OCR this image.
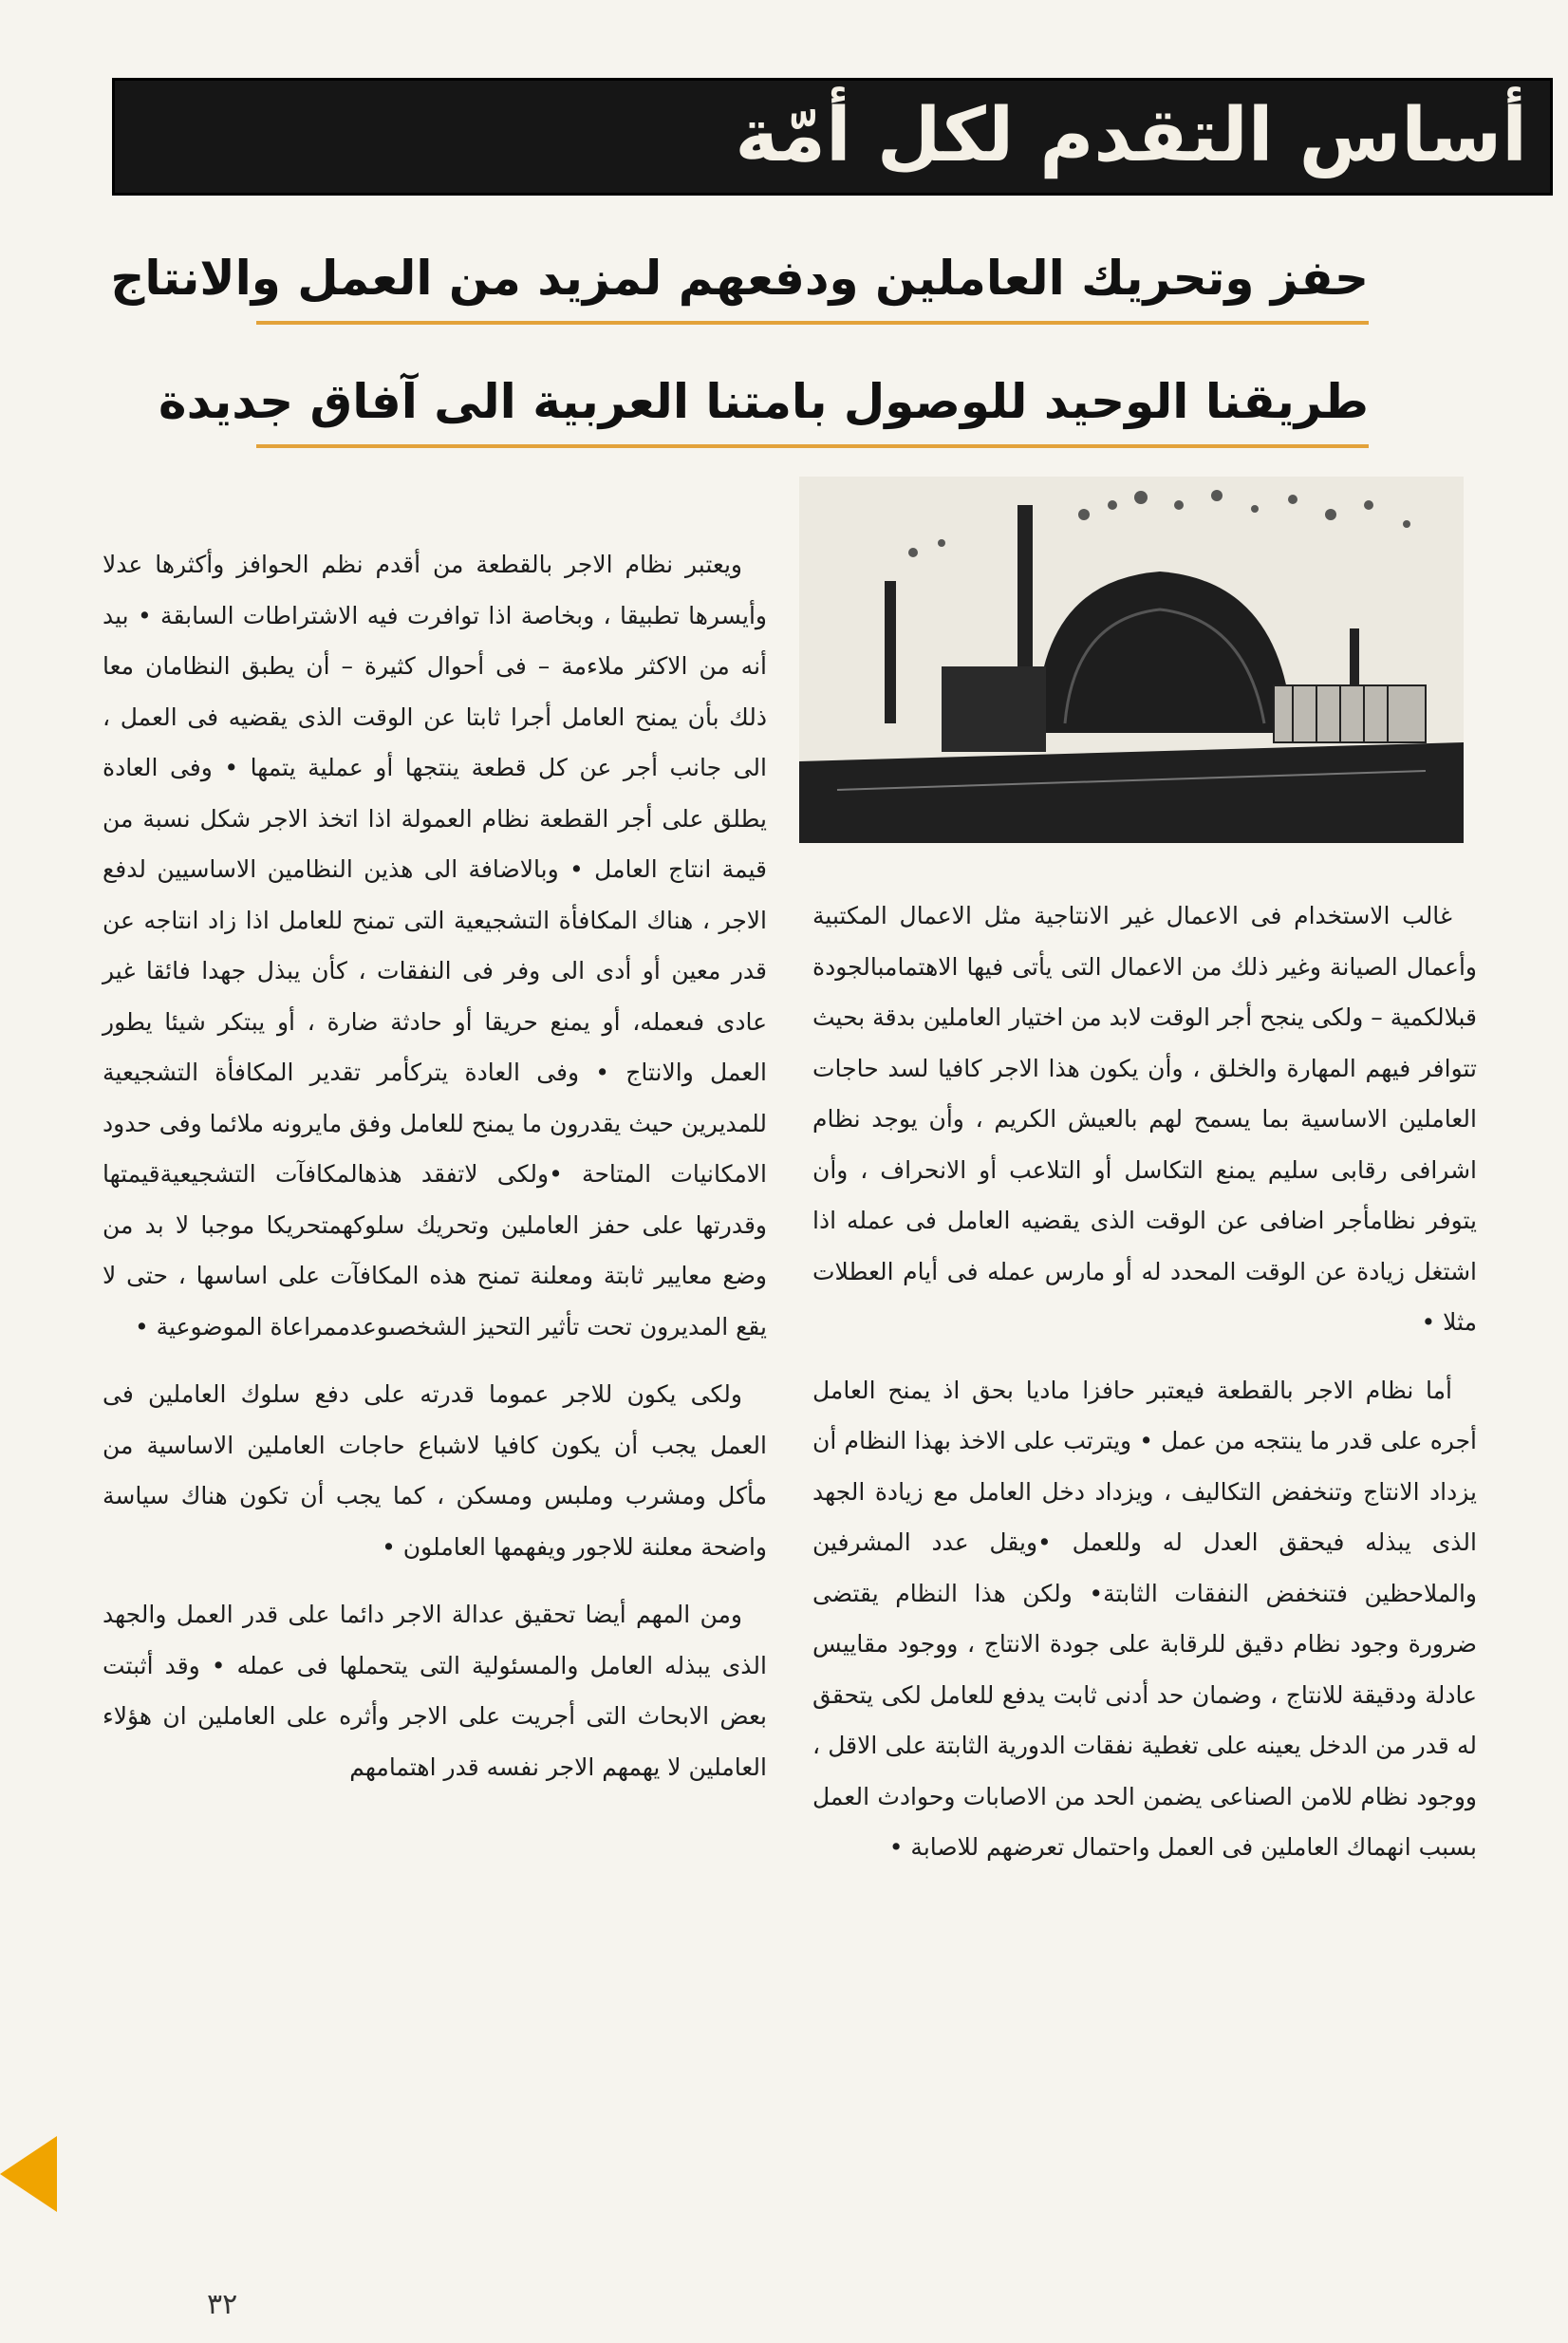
أساس التقدم لكل أمّة
حفز وتحريك العاملين ودفعهم لمزيد من العمل والانتاج
طريقنا الوحيد للوصول بامتنا العربية الى آفاق جديدة

ويعتبر نظام الاجر بالقطعة من أقدم نظم الحوافز وأكثرها عدلا وأيسرها تطبيقا ، وبخاصة اذا توافرت فيه الاشتراطات السابقة • بيد أنه من الاكثر ملاءمة – فى أحوال كثيرة – أن يطبق النظامان معا ذلك بأن يمنح العامل أجرا ثابتا عن الوقت الذى يقضيه فى العمل ، الى جانب أجر عن كل قطعة ينتجها أو عملية يتمها • وفى العادة يطلق على أجر القطعة نظام العمولة اذا اتخذ الاجر شكل نسبة من قيمة انتاج العامل • وبالاضافة الى هذين النظامين الاساسيين لدفع الاجر ، هناك المكافأة التشجيعية التى تمنح للعامل اذا زاد انتاجه عن قدر معين أو أدى الى وفر فى النفقات ، كأن يبذل جهدا فائقا غير عادى فىعمله، أو يمنع حريقا أو حادثة ضارة ، أو يبتكر شيئا يطور العمل والانتاج • وفى العادة يتركأمر تقدير المكافأة التشجيعية للمديرين حيث يقدرون ما يمنح للعامل وفق مايرونه ملائما وفى حدود الامكانيات المتاحة •ولكى لاتفقد هذهالمكافآت التشجيعيةقيمتها وقدرتها على حفز العاملين وتحريك سلوكهمتحريكا موجبا لا بد من وضع معايير ثابتة ومعلنة تمنح هذه المكافآت على اساسها ، حتى لا يقع المديرون تحت تأثير التحيز الشخصىوعدممراعاة الموضوعية •

ولكى يكون للاجر عموما قدرته على دفع سلوك العاملين فى العمل يجب أن يكون كافيا لاشباع حاجات العاملين الاساسية من مأكل ومشرب وملبس ومسكن ، كما يجب أن تكون هناك سياسة واضحة معلنة للاجور ويفهمها العاملون •

ومن المهم أيضا تحقيق عدالة الاجر دائما على قدر العمل والجهد الذى يبذله العامل والمسئولية التى يتحملها فى عمله • وقد أثبتت بعض الابحاث التى أجريت على الاجر وأثره على العاملين ان هؤلاء العاملين لا يهمهم الاجر نفسه قدر اهتمامهم

غالب الاستخدام فى الاعمال غير الانتاجية مثل الاعمال المكتبية وأعمال الصيانة وغير ذلك من الاعمال التى يأتى فيها الاهتمامبالجودة قبلالكمية – ولكى ينجح أجر الوقت لابد من اختيار العاملين بدقة بحيث تتوافر فيهم المهارة والخلق ، وأن يكون هذا الاجر كافيا لسد حاجات العاملين الاساسية بما يسمح لهم بالعيش الكريم ، وأن يوجد نظام اشرافى رقابى سليم يمنع التكاسل أو التلاعب أو الانحراف ، وأن يتوفر نظامأجر اضافى عن الوقت الذى يقضيه العامل فى عمله اذا اشتغل زيادة عن الوقت المحدد له أو مارس عمله فى أيام العطلات مثلا •

أما نظام الاجر بالقطعة فيعتبر حافزا ماديا بحق اذ يمنح العامل أجره على قدر ما ينتجه من عمل • ويترتب على الاخذ بهذا النظام أن يزداد الانتاج وتنخفض التكاليف ، ويزداد دخل العامل مع زيادة الجهد الذى يبذله فيحقق العدل له وللعمل •ويقل عدد المشرفين والملاحظين فتنخفض النفقات الثابتة• ولكن هذا النظام يقتضى ضرورة وجود نظام دقيق للرقابة على جودة الانتاج ، ووجود مقاييس عادلة ودقيقة للانتاج ، وضمان حد أدنى ثابت يدفع للعامل لكى يتحقق له قدر من الدخل يعينه على تغطية نفقات الدورية الثابتة على الاقل ، ووجود نظام للامن الصناعى يضمن الحد من الاصابات وحوادث العمل بسبب انهماك العاملين فى العمل واحتمال تعرضهم للاصابة •

٣٢
